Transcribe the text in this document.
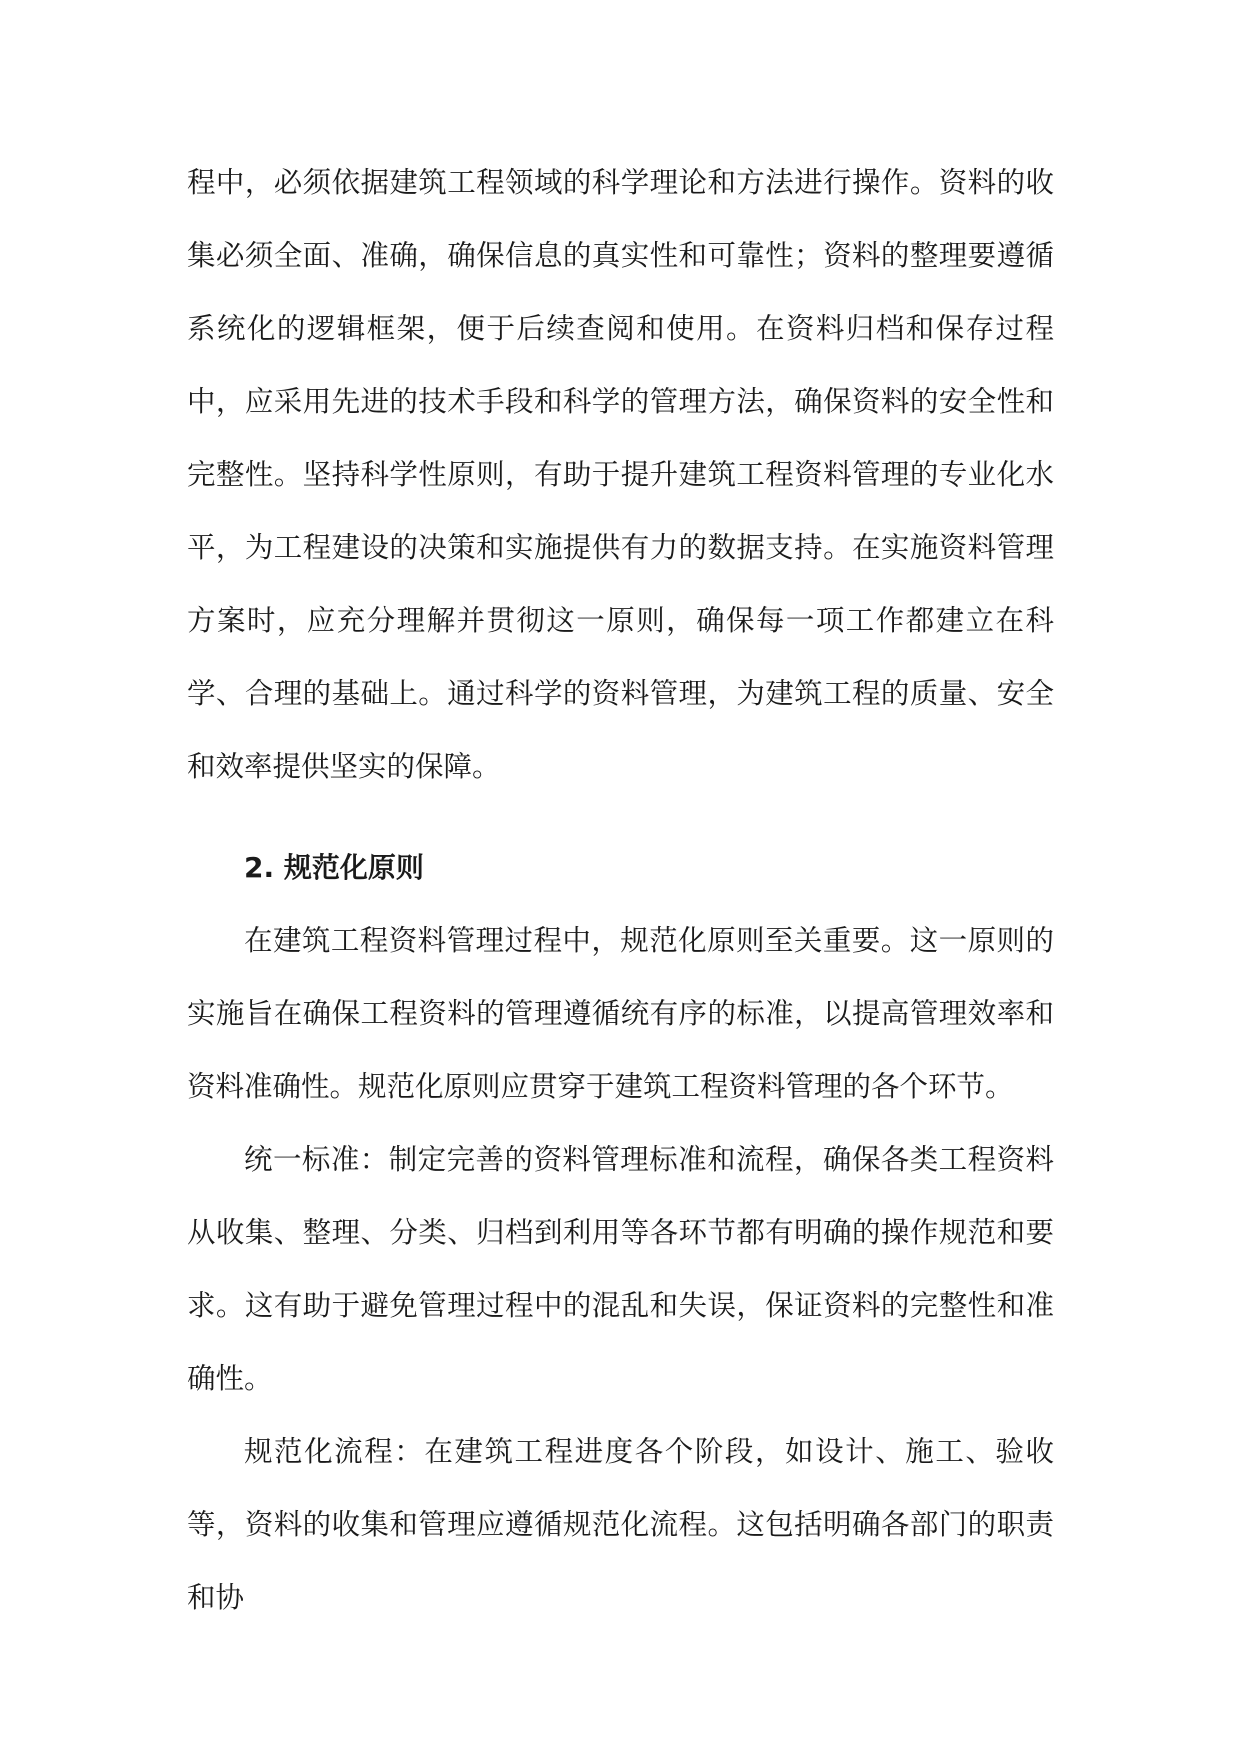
程中，必须依据建筑工程领域的科学理论和方法进行操作。资料的收集必须全面、准确，确保信息的真实性和可靠性；资料的整理要遵循系统化的逻辑框架，便于后续查阅和使用。在资料归档和保存过程中，应采用先进的技术手段和科学的管理方法，确保资料的安全性和完整性。坚持科学性原则，有助于提升建筑工程资料管理的专业化水平，为工程建设的决策和实施提供有力的数据支持。在实施资料管理方案时，应充分理解并贯彻这一原则，确保每一项工作都建立在科学、合理的基础上。通过科学的资料管理，为建筑工程的质量、安全和效率提供坚实的保障。

2. 规范化原则

在建筑工程资料管理过程中，规范化原则至关重要。这一原则的实施旨在确保工程资料的管理遵循统有序的标准，以提高管理效率和资料准确性。规范化原则应贯穿于建筑工程资料管理的各个环节。

统一标准：制定完善的资料管理标准和流程，确保各类工程资料从收集、整理、分类、归档到利用等各环节都有明确的操作规范和要求。这有助于避免管理过程中的混乱和失误，保证资料的完整性和准确性。

规范化流程：在建筑工程进度各个阶段，如设计、施工、验收等，资料的收集和管理应遵循规范化流程。这包括明确各部门的职责和协
